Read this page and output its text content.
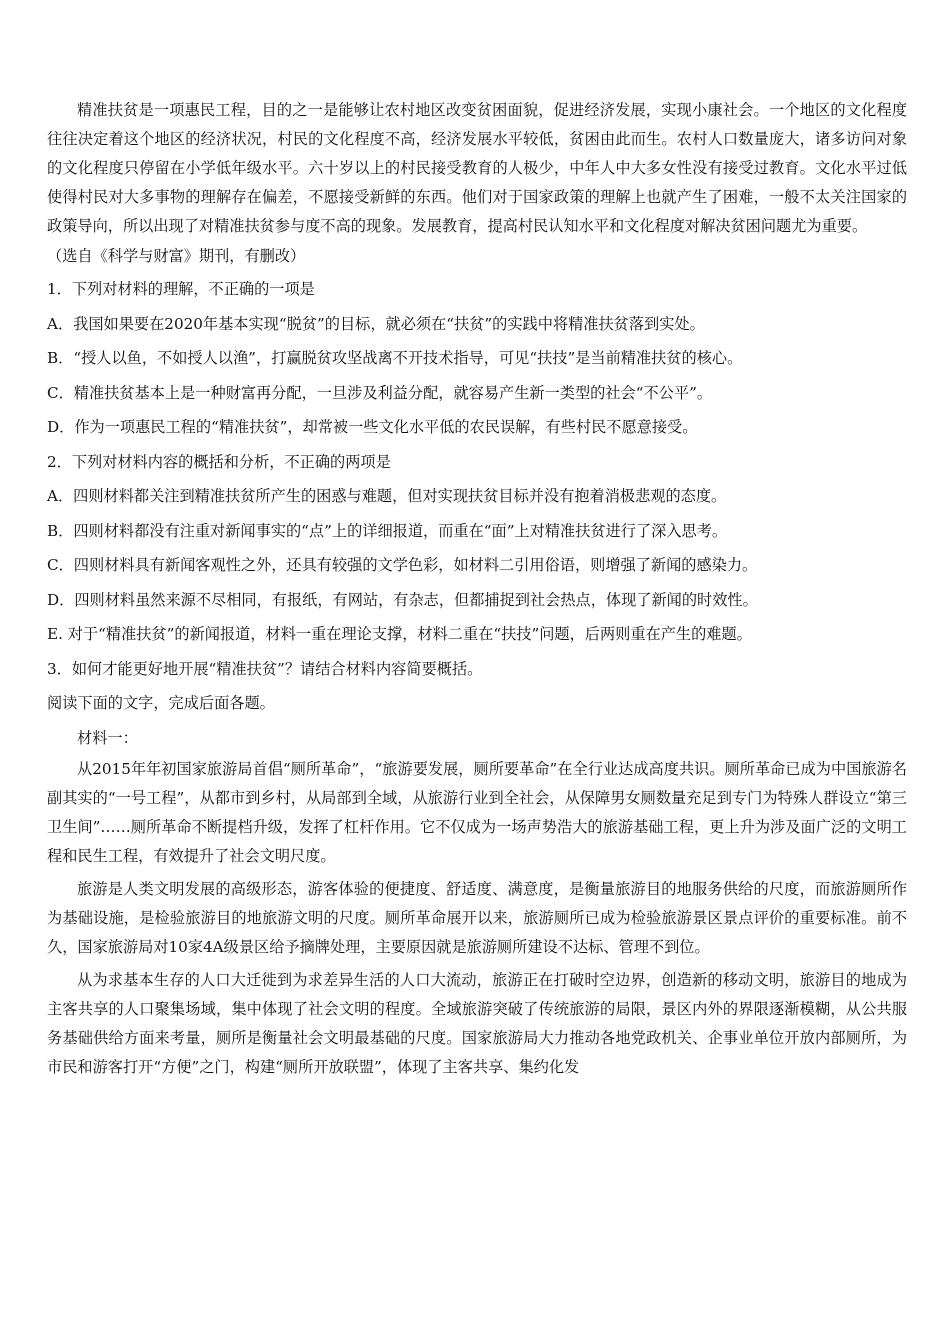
精准扶贫是一项惠民工程，目的之一是能够让农村地区改变贫困面貌，促进经济发展，实现小康社会。一个地区的文化程度往往决定着这个地区的经济状况，村民的文化程度不高，经济发展水平较低，贫困由此而生。农村人口数量庞大，诸多访问对象的文化程度只停留在小学低年级水平。六十岁以上的村民接受教育的人极少，中年人中大多女性没有接受过教育。文化水平过低使得村民对大多事物的理解存在偏差，不愿接受新鲜的东西。他们对于国家政策的理解上也就产生了困难，一般不太关注国家的政策导向，所以出现了对精准扶贫参与度不高的现象。发展教育，提高村民认知水平和文化程度对解决贫困问题尤为重要。

（选自《科学与财富》期刊，有删改）

1．下列对材料的理解，不正确的一项是

A．我国如果要在2020年基本实现“脱贫”的目标，就必须在“扶贫”的实践中将精准扶贫落到实处。

B．“授人以鱼，不如授人以渔”，打赢脱贫攻坚战离不开技术指导，可见“扶技”是当前精准扶贫的核心。

C．精准扶贫基本上是一种财富再分配，一旦涉及利益分配，就容易产生新一类型的社会“不公平”。

D．作为一项惠民工程的“精准扶贫”，却常被一些文化水平低的农民误解，有些村民不愿意接受。

2．下列对材料内容的概括和分析，不正确的两项是

A．四则材料都关注到精准扶贫所产生的困惑与难题，但对实现扶贫目标并没有抱着消极悲观的态度。

B．四则材料都没有注重对新闻事实的“点”上的详细报道，而重在“面”上对精准扶贫进行了深入思考。

C．四则材料具有新闻客观性之外，还具有较强的文学色彩，如材料二引用俗语，则增强了新闻的感染力。

D．四则材料虽然来源不尽相同，有报纸，有网站，有杂志，但都捕捉到社会热点，体现了新闻的时效性。

E. 对于“精准扶贫”的新闻报道，材料一重在理论支撑，材料二重在“扶技”问题，后两则重在产生的难题。

3．如何才能更好地开展“精准扶贫”？请结合材料内容简要概括。

阅读下面的文字，完成后面各题。

材料一：

从2015年年初国家旅游局首倡“厕所革命”，“旅游要发展，厕所要革命”在全行业达成高度共识。厕所革命已成为中国旅游名副其实的“一号工程”，从都市到乡村，从局部到全域，从旅游行业到全社会，从保障男女厕数量充足到专门为特殊人群设立“第三卫生间”……厕所革命不断提档升级，发挥了杠杆作用。它不仅成为一场声势浩大的旅游基础工程，更上升为涉及面广泛的文明工程和民生工程，有效提升了社会文明尺度。

旅游是人类文明发展的高级形态，游客体验的便捷度、舒适度、满意度，是衡量旅游目的地服务供给的尺度，而旅游厕所作为基础设施，是检验旅游目的地旅游文明的尺度。厕所革命展开以来，旅游厕所已成为检验旅游景区景点评价的重要标准。前不久，国家旅游局对10家4A级景区给予摘牌处理，主要原因就是旅游厕所建设不达标、管理不到位。

从为求基本生存的人口大迁徙到为求差异生活的人口大流动，旅游正在打破时空边界，创造新的移动文明，旅游目的地成为主客共享的人口聚集场域，集中体现了社会文明的程度。全域旅游突破了传统旅游的局限，景区内外的界限逐渐模糊，从公共服务基础供给方面来考量，厕所是衡量社会文明最基础的尺度。国家旅游局大力推动各地党政机关、企事业单位开放内部厕所，为市民和游客打开“方便”之门，构建“厕所开放联盟”，体现了主客共享、集约化发
